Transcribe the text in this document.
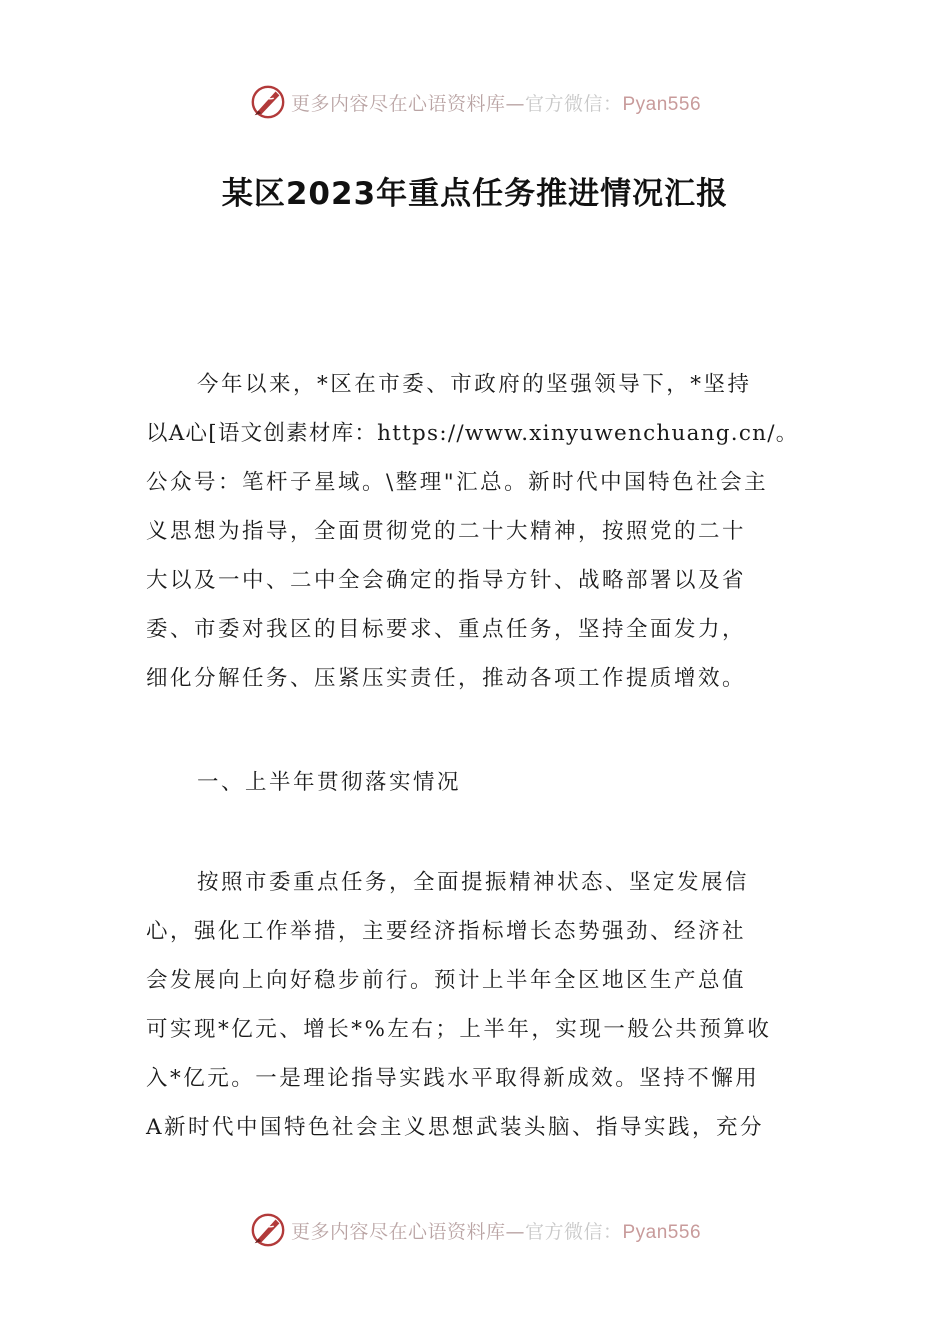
更多内容尽在心语资料库—官方微信：Pyan556
某区2023年重点任务推进情况汇报
今年以来，*区在市委、市政府的坚强领导下，*坚持
以A心[语文创素材库：https://www.xinyuwenchuang.cn/。
公众号：笔杆子星域。\整理"汇总。新时代中国特色社会主
义思想为指导，全面贯彻党的二十大精神，按照党的二十
大以及一中、二中全会确定的指导方针、战略部署以及省
委、市委对我区的目标要求、重点任务，坚持全面发力，
细化分解任务、压紧压实责任，推动各项工作提质增效。
一、上半年贯彻落实情况
按照市委重点任务，全面提振精神状态、坚定发展信
心，强化工作举措，主要经济指标增长态势强劲、经济社
会发展向上向好稳步前行。预计上半年全区地区生产总值
可实现*亿元、增长*%左右；上半年，实现一般公共预算收
入*亿元。一是理论指导实践水平取得新成效。坚持不懈用
A新时代中国特色社会主义思想武装头脑、指导实践，充分
更多内容尽在心语资料库—官方微信：Pyan556
